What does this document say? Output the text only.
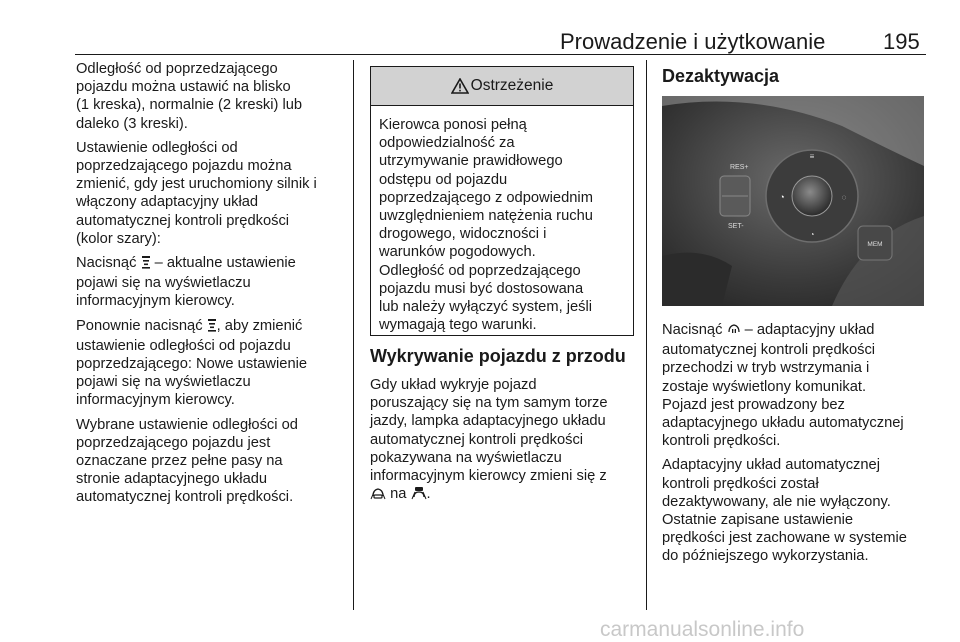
Prowadzenie i użytkowanie	195

Odległość od poprzedzającego
pojazdu można ustawić na blisko
(1 kreska), normalnie (2 kreski) lub
daleko (3 kreski).

Ustawienie odległości od
poprzedzającego pojazdu można
zmienić, gdy jest uruchomiony silnik i
włączony adaptacyjny układ
automatycznej kontroli prędkości
(kolor szary):

Nacisnąć  – aktualne ustawienie
pojawi się na wyświetlaczu
informacyjnym kierowcy.

Ponownie nacisnąć , aby zmienić
ustawienie odległości od pojazdu
poprzedzającego: Nowe ustawienie
pojawi się na wyświetlaczu
informacyjnym kierowcy.

Wybrane ustawienie odległości od
poprzedzającego pojazdu jest
oznaczane przez pełne pasy na
stronie adaptacyjnego układu
automatycznej kontroli prędkości.

Ostrzeżenie
Kierowca ponosi pełną
odpowiedzialność za
utrzymywanie prawidłowego
odstępu od pojazdu
poprzedzającego z odpowiednim
uwzględnieniem natężenia ruchu
drogowego, widoczności i
warunków pogodowych.
Odległość od poprzedzającego
pojazdu musi być dostosowana
lub należy wyłączyć system, jeśli
wymagają tego warunki.
Wykrywanie pojazdu z przodu

Gdy układ wykryje pojazd
poruszający się na tym samym torze
jazdy, lampka adaptacyjnego układu
automatycznej kontroli prędkości
pokazywana na wyświetlaczu
informacyjnym kierowcy zmieni się z
na .

Dezaktywacja
RES+
SET-
≡
◔	◌
◔
MEM

Nacisnąć  – adaptacyjny układ
automatycznej kontroli prędkości
przechodzi w tryb wstrzymania i
zostaje wyświetlony komunikat.
Pojazd jest prowadzony bez
adaptacyjnego układu automatycznej
kontroli prędkości.

Adaptacyjny układ automatycznej
kontroli prędkości został
dezaktywowany, ale nie wyłączony.
Ostatnie zapisane ustawienie
prędkości jest zachowane w systemie
do późniejszego wykorzystania.

carmanualsonline.info
